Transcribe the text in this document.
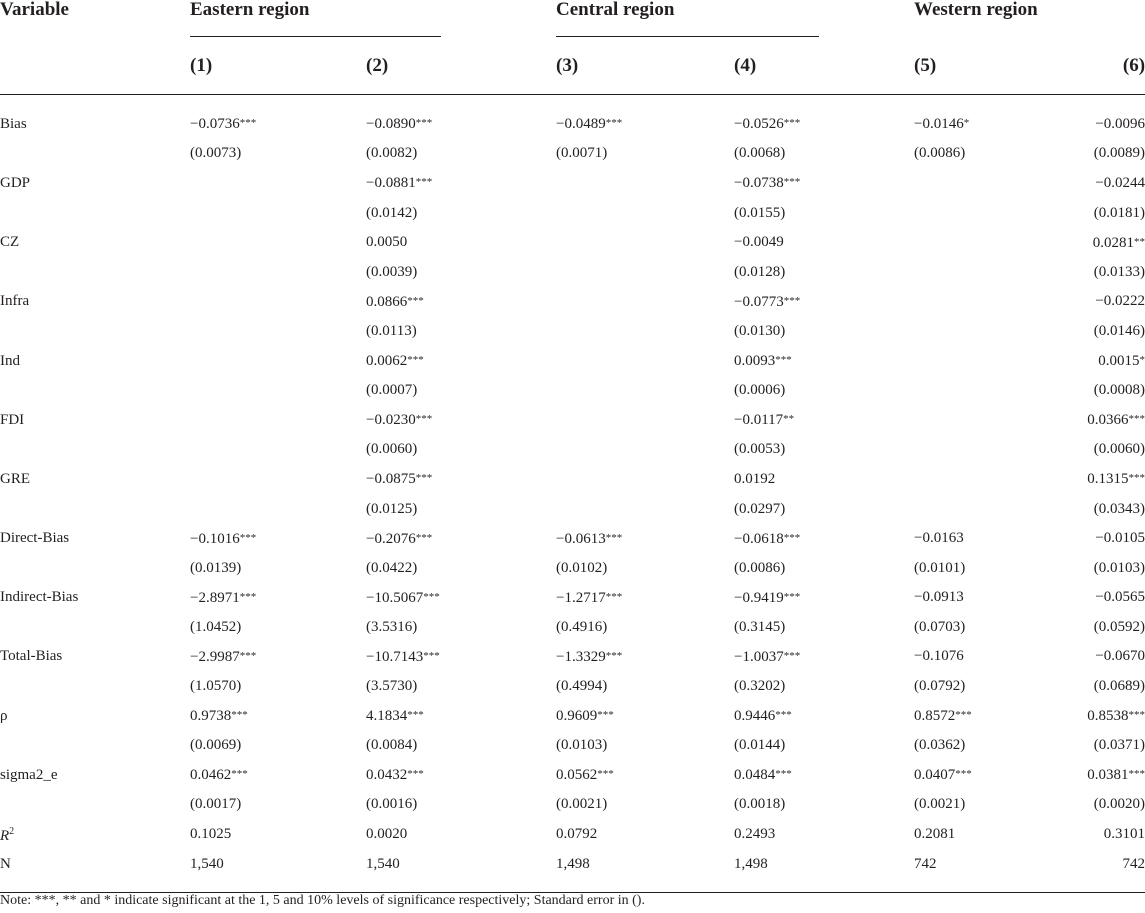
Variable	Eastern region		Central region		Western region	

	(1)	(2)	(3)	(4)	(5)	(6)
Bias	−0.0736***	−0.0890***	−0.0489***	−0.0526***	−0.0146*	−0.0096
	(0.0073)	(0.0082)	(0.0071)	(0.0068)	(0.0086)	(0.0089)
GDP		−0.0881***		−0.0738***		−0.0244
		(0.0142)		(0.0155)		(0.0181)
CZ		0.0050		−0.0049		0.0281**
		(0.0039)		(0.0128)		(0.0133)
Infra		0.0866***		−0.0773***		−0.0222
		(0.0113)		(0.0130)		(0.0146)
Ind		0.0062***		0.0093***		0.0015*
		(0.0007)		(0.0006)		(0.0008)
FDI		−0.0230***		−0.0117**		0.0366***
		(0.0060)		(0.0053)		(0.0060)
GRE		−0.0875***		0.0192		0.1315***
		(0.0125)		(0.0297)		(0.0343)
Direct-Bias	−0.1016***	−0.2076***	−0.0613***	−0.0618***	−0.0163	−0.0105
	(0.0139)	(0.0422)	(0.0102)	(0.0086)	(0.0101)	(0.0103)
Indirect-Bias	−2.8971***	−10.5067***	−1.2717***	−0.9419***	−0.0913	−0.0565
	(1.0452)	(3.5316)	(0.4916)	(0.3145)	(0.0703)	(0.0592)
Total-Bias	−2.9987***	−10.7143***	−1.3329***	−1.0037***	−0.1076	−0.0670
	(1.0570)	(3.5730)	(0.4994)	(0.3202)	(0.0792)	(0.0689)
ρ	0.9738***	4.1834***	0.9609***	0.9446***	0.8572***	0.8538***
	(0.0069)	(0.0084)	(0.0103)	(0.0144)	(0.0362)	(0.0371)
sigma2_e	0.0462***	0.0432***	0.0562***	0.0484***	0.0407***	0.0381***
	(0.0017)	(0.0016)	(0.0021)	(0.0018)	(0.0021)	(0.0020)
$R^2$	0.1025	0.0020	0.0792	0.2493	0.2081	0.3101
N	1,540	1,540	1,498	1,498	742	742
Note: ***, ** and * indicate significant at the 1, 5 and 10% levels of significance respectively; Standard error in ().
